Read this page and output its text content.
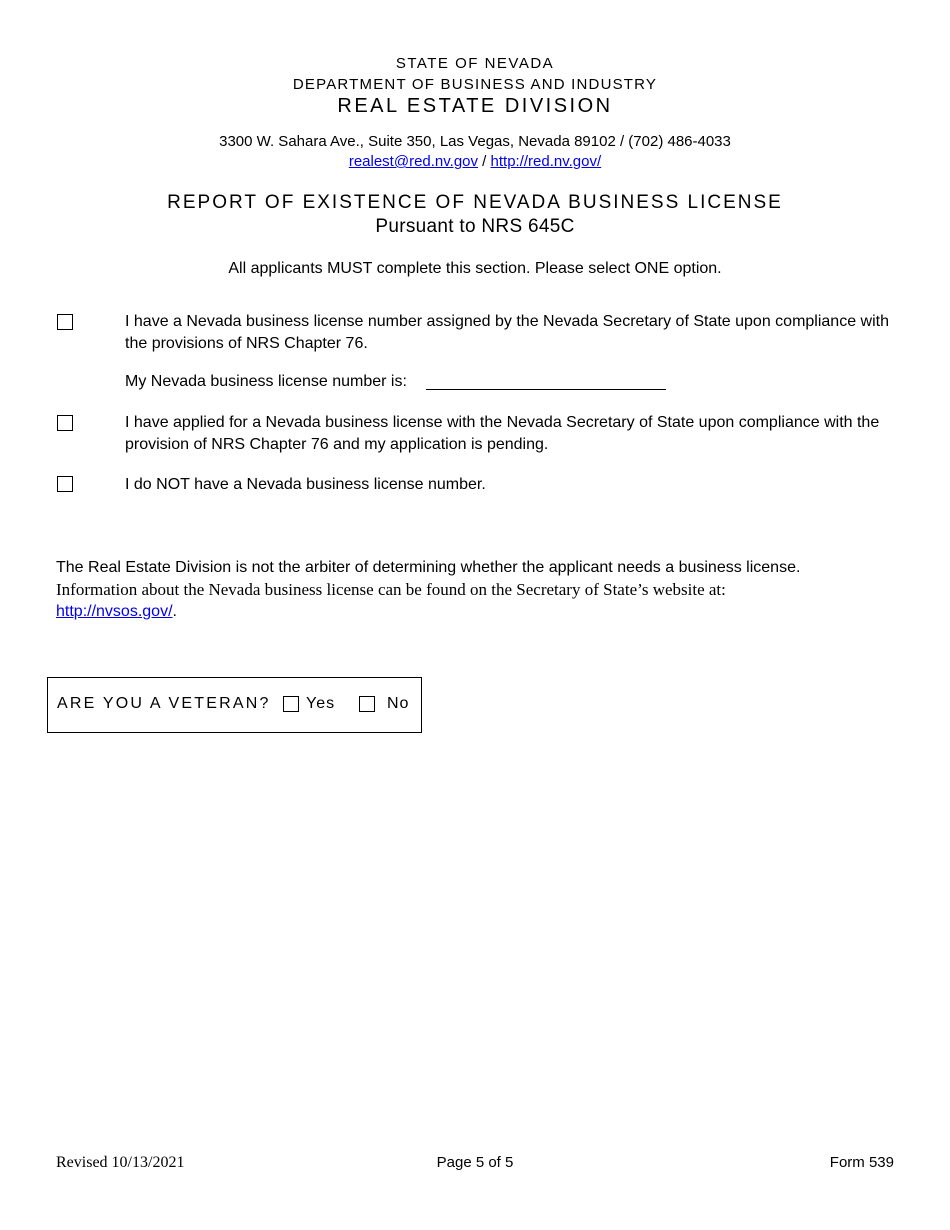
STATE OF NEVADA
DEPARTMENT OF BUSINESS AND INDUSTRY
REAL ESTATE DIVISION
3300 W. Sahara Ave., Suite 350, Las Vegas, Nevada 89102 / (702) 486-4033
realest@red.nv.gov / http://red.nv.gov/
REPORT OF EXISTENCE OF NEVADA BUSINESS LICENSE
Pursuant to NRS 645C
All applicants MUST complete this section. Please select ONE option.
I have a Nevada business license number assigned by the Nevada Secretary of State upon compliance with the provisions of NRS Chapter 76.
My Nevada business license number is:
I have applied for a Nevada business license with the Nevada Secretary of State upon compliance with the provision of NRS Chapter 76 and my application is pending.
I do NOT have a Nevada business license number.
The Real Estate Division is not the arbiter of determining whether the applicant needs a business license.
Information about the Nevada business license can be found on the Secretary of State’s website at:
http://nvsos.gov/.
ARE YOU A VETERAN? Yes	No
Revised 10/13/2021	Page 5 of 5	Form 539
